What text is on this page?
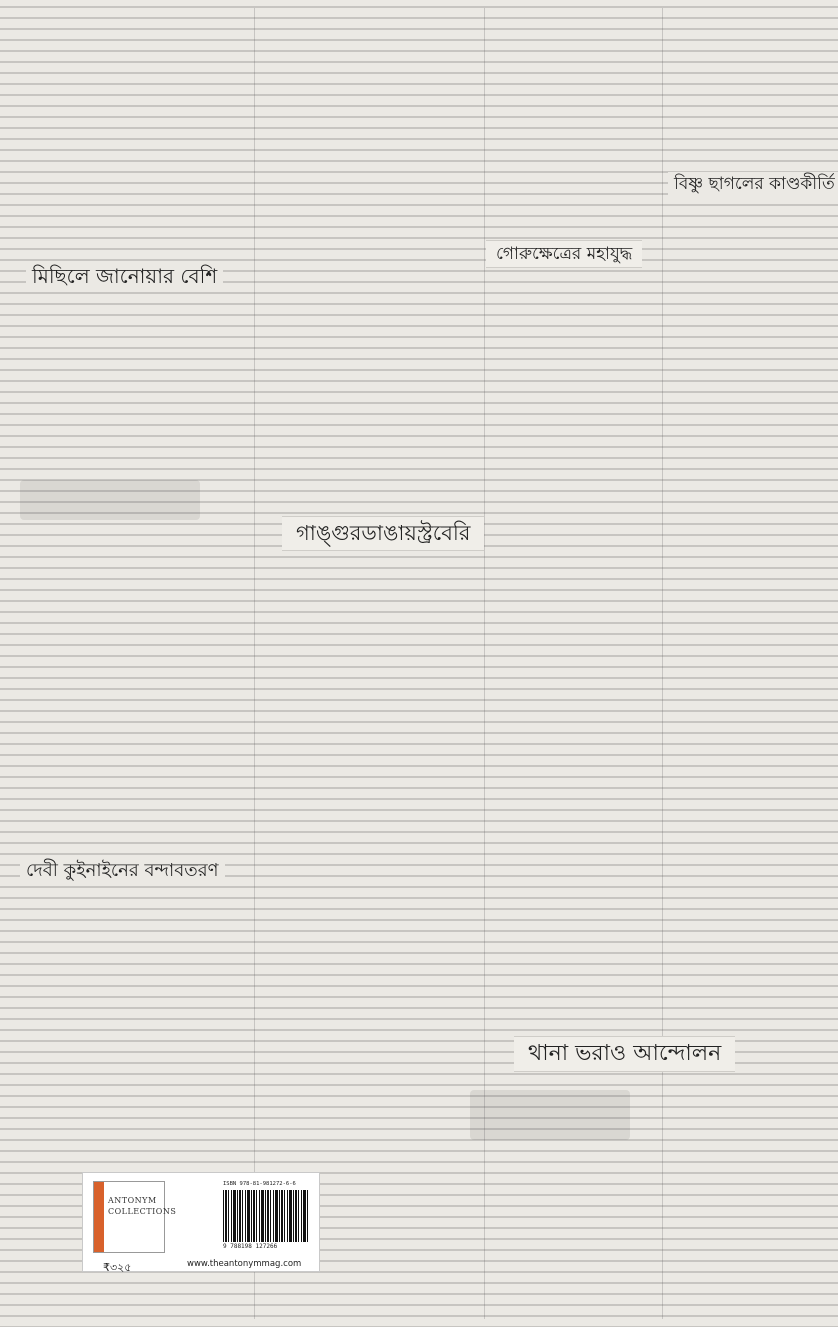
বিষ্ণু ছাগলের কাণ্ডকীর্তি
গোরুক্ষেত্রের মহাযুদ্ধ
মিছিলে জানোয়ার বেশি
গাঙ্গুরডাঙায়স্ট্রবেরি
দেবী কুইনাইনের বন্দাবতরণ
থানা ভরাও আন্দোলন
ANTONYM
COLLECTIONS
ISBN 978-81-981272-6-6
9 788198 127266
₹৩২৫	www.theantonymmag.com
